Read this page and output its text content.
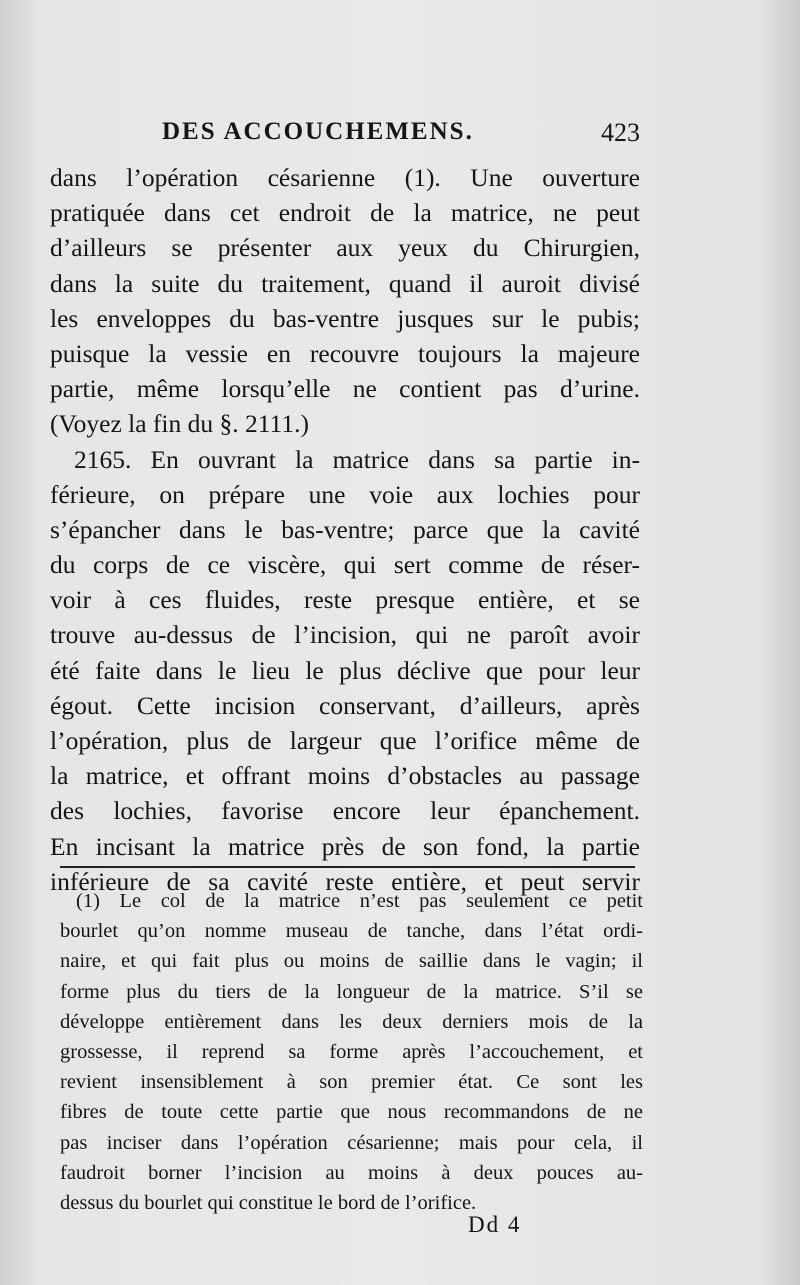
DES ACCOUCHEMENS.	423
dans l’opération césarienne (1). Une ouverture
pratiquée dans cet endroit de la matrice, ne peut
d’ailleurs se présenter aux yeux du Chirurgien,
dans la suite du traitement, quand il auroit divisé
les enveloppes du bas-ventre jusques sur le pubis;
puisque la vessie en recouvre toujours la majeure
partie, même lorsqu’elle ne contient pas d’urine.
(Voyez la fin du §. 2111.)
2165. En ouvrant la matrice dans sa partie in-
férieure, on prépare une voie aux lochies pour
s’épancher dans le bas-ventre; parce que la cavité
du corps de ce viscère, qui sert comme de réser-
voir à ces fluides, reste presque entière, et se
trouve au-dessus de l’incision, qui ne paroît avoir
été faite dans le lieu le plus déclive que pour leur
égout. Cette incision conservant, d’ailleurs, après
l’opération, plus de largeur que l’orifice même de
la matrice, et offrant moins d’obstacles au passage
des lochies, favorise encore leur épanchement.
En incisant la matrice près de son fond, la partie
inférieure de sa cavité reste entière, et peut servir
(1) Le col de la matrice n’est pas seulement ce petit
bourlet qu’on nomme museau de tanche, dans l’état ordi-
naire, et qui fait plus ou moins de saillie dans le vagin; il
forme plus du tiers de la longueur de la matrice. S’il se
développe entièrement dans les deux derniers mois de la
grossesse, il reprend sa forme après l’accouchement, et
revient insensiblement à son premier état. Ce sont les
fibres de toute cette partie que nous recommandons de ne
pas inciser dans l’opération césarienne; mais pour cela, il
faudroit borner l’incision au moins à deux pouces au-
dessus du bourlet qui constitue le bord de l’orifice.
Dd 4
